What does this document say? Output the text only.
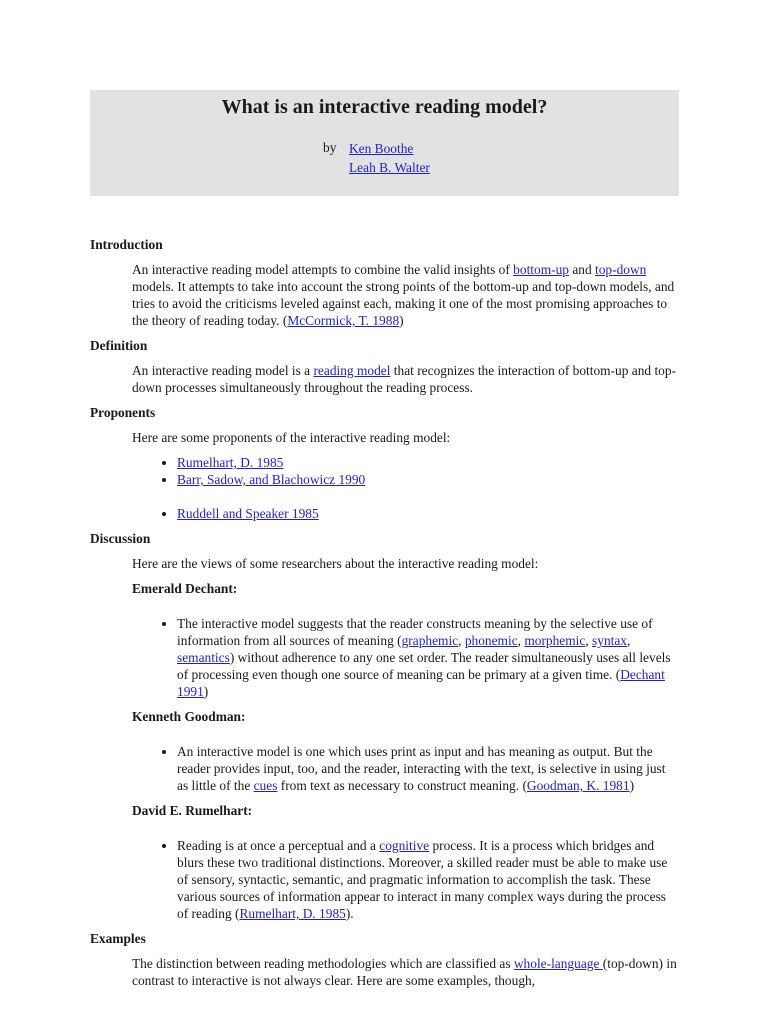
What is an interactive reading model?
by Ken Boothe
Leah B. Walter

Introduction

An interactive reading model attempts to combine the valid insights of bottom-up and top-down models. It attempts to take into account the strong points of the bottom-up and top-down models, and tries to avoid the criticisms leveled against each, making it one of the most promising approaches to the theory of reading today. (McCormick, T. 1988)

Definition

An interactive reading model is a reading model that recognizes the interaction of bottom-up and top-down processes simultaneously throughout the reading process.

Proponents

Here are some proponents of the interactive reading model:

• Rumelhart, D. 1985
• Barr, Sadow, and Blachowicz 1990
• Ruddell and Speaker 1985

Discussion

Here are the views of some researchers about the interactive reading model:

Emerald Dechant:

• The interactive model suggests that the reader constructs meaning by the selective use of information from all sources of meaning (graphemic, phonemic, morphemic, syntax, semantics) without adherence to any one set order. The reader simultaneously uses all levels of processing even though one source of meaning can be primary at a given time. (Dechant 1991)

Kenneth Goodman:

• An interactive model is one which uses print as input and has meaning as output. But the reader provides input, too, and the reader, interacting with the text, is selective in using just as little of the cues from text as necessary to construct meaning. (Goodman, K. 1981)

David E. Rumelhart:

• Reading is at once a perceptual and a cognitive process. It is a process which bridges and blurs these two traditional distinctions. Moreover, a skilled reader must be able to make use of sensory, syntactic, semantic, and pragmatic information to accomplish the task. These various sources of information appear to interact in many complex ways during the process of reading (Rumelhart, D. 1985).

Examples

The distinction between reading methodologies which are classified as whole-language (top-down) in contrast to interactive is not always clear. Here are some examples, though,
